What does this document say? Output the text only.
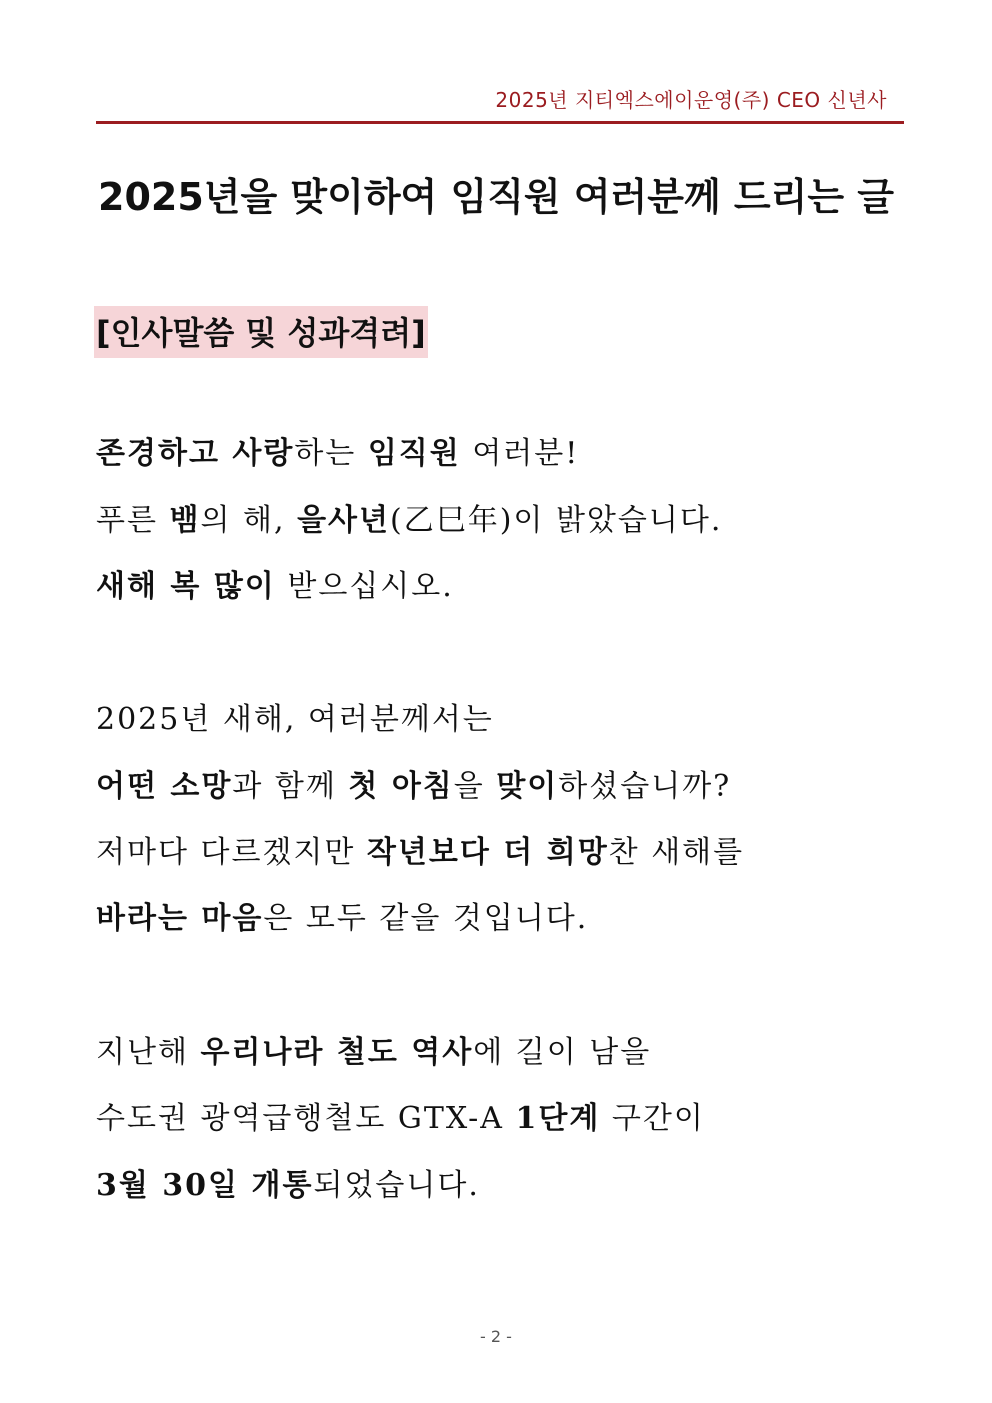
2025년 지티엑스에이운영(주) CEO 신년사
2025년을 맞이하여 임직원 여러분께 드리는 글
[인사말씀 및 성과격려]
존경하고 사랑하는 임직원 여러분!
푸른 뱀의 해, 을사년(乙巳年)이 밝았습니다.
새해 복 많이 받으십시오.
2025년 새해, 여러분께서는
어떤 소망과 함께 첫 아침을 맞이하셨습니까?
저마다 다르겠지만 작년보다 더 희망찬 새해를
바라는 마음은 모두 같을 것입니다.
지난해 우리나라 철도 역사에 길이 남을
수도권 광역급행철도 GTX-A 1단계 구간이
3월 30일 개통되었습니다.
- 2 -
